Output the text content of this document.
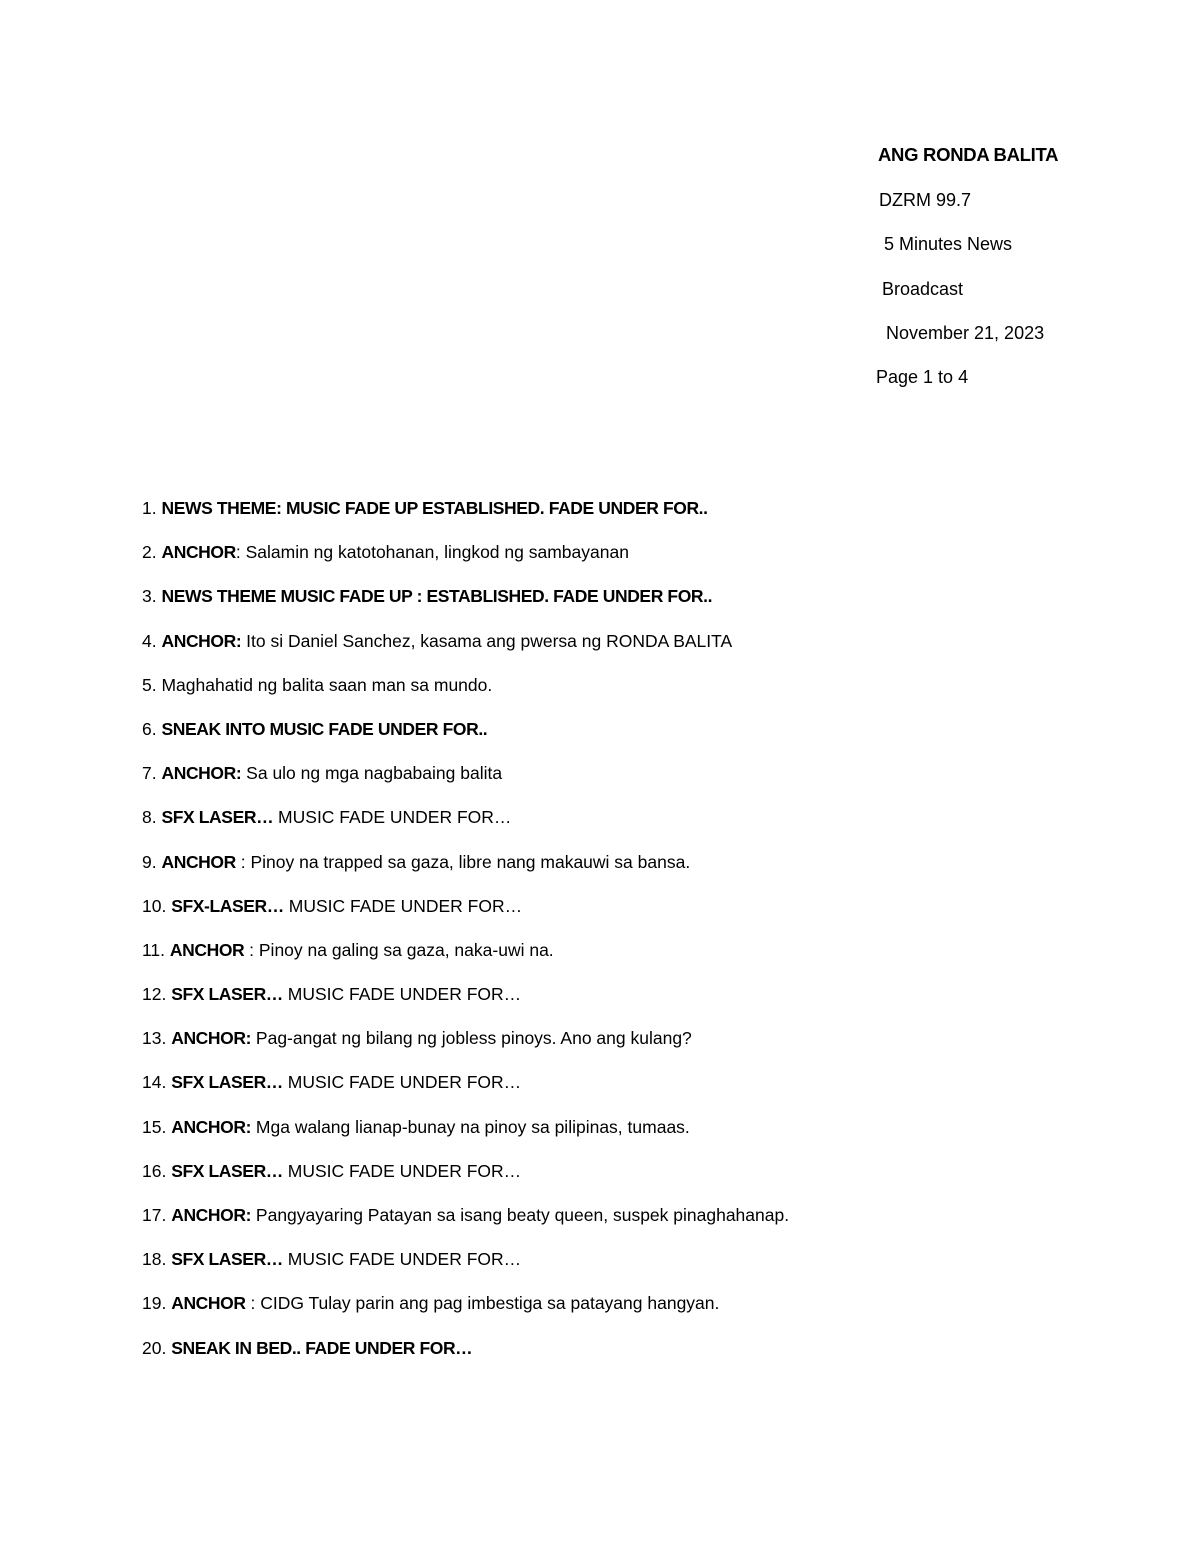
ANG RONDA BALITA
DZRM 99.7
5 Minutes News
Broadcast
November 21, 2023
Page 1 to 4
1. NEWS THEME: MUSIC FADE UP ESTABLISHED. FADE UNDER FOR..
2. ANCHOR: Salamin ng katotohanan, lingkod ng sambayanan
3. NEWS THEME MUSIC FADE UP : ESTABLISHED. FADE UNDER FOR..
4. ANCHOR: Ito si Daniel Sanchez, kasama ang pwersa ng RONDA BALITA
5. Maghahatid ng balita saan man sa mundo.
6. SNEAK INTO MUSIC FADE UNDER FOR..
7. ANCHOR: Sa ulo ng mga nagbabaing balita
8. SFX LASER… MUSIC FADE UNDER FOR…
9. ANCHOR : Pinoy na trapped sa gaza, libre nang makauwi sa bansa.
10. SFX-LASER… MUSIC FADE UNDER FOR…
11. ANCHOR : Pinoy na galing sa gaza, naka-uwi na.
12. SFX LASER… MUSIC FADE UNDER FOR…
13. ANCHOR: Pag-angat ng bilang ng jobless pinoys. Ano ang kulang?
14. SFX LASER… MUSIC FADE UNDER FOR…
15. ANCHOR: Mga walang lianap-bunay na pinoy sa pilipinas, tumaas.
16. SFX LASER… MUSIC FADE UNDER FOR…
17. ANCHOR: Pangyayaring Patayan sa isang beaty queen, suspek pinaghahanap.
18. SFX LASER… MUSIC FADE UNDER FOR…
19. ANCHOR : CIDG Tulay parin ang pag imbestiga sa patayang hangyan.
20. SNEAK IN BED.. FADE UNDER FOR…
